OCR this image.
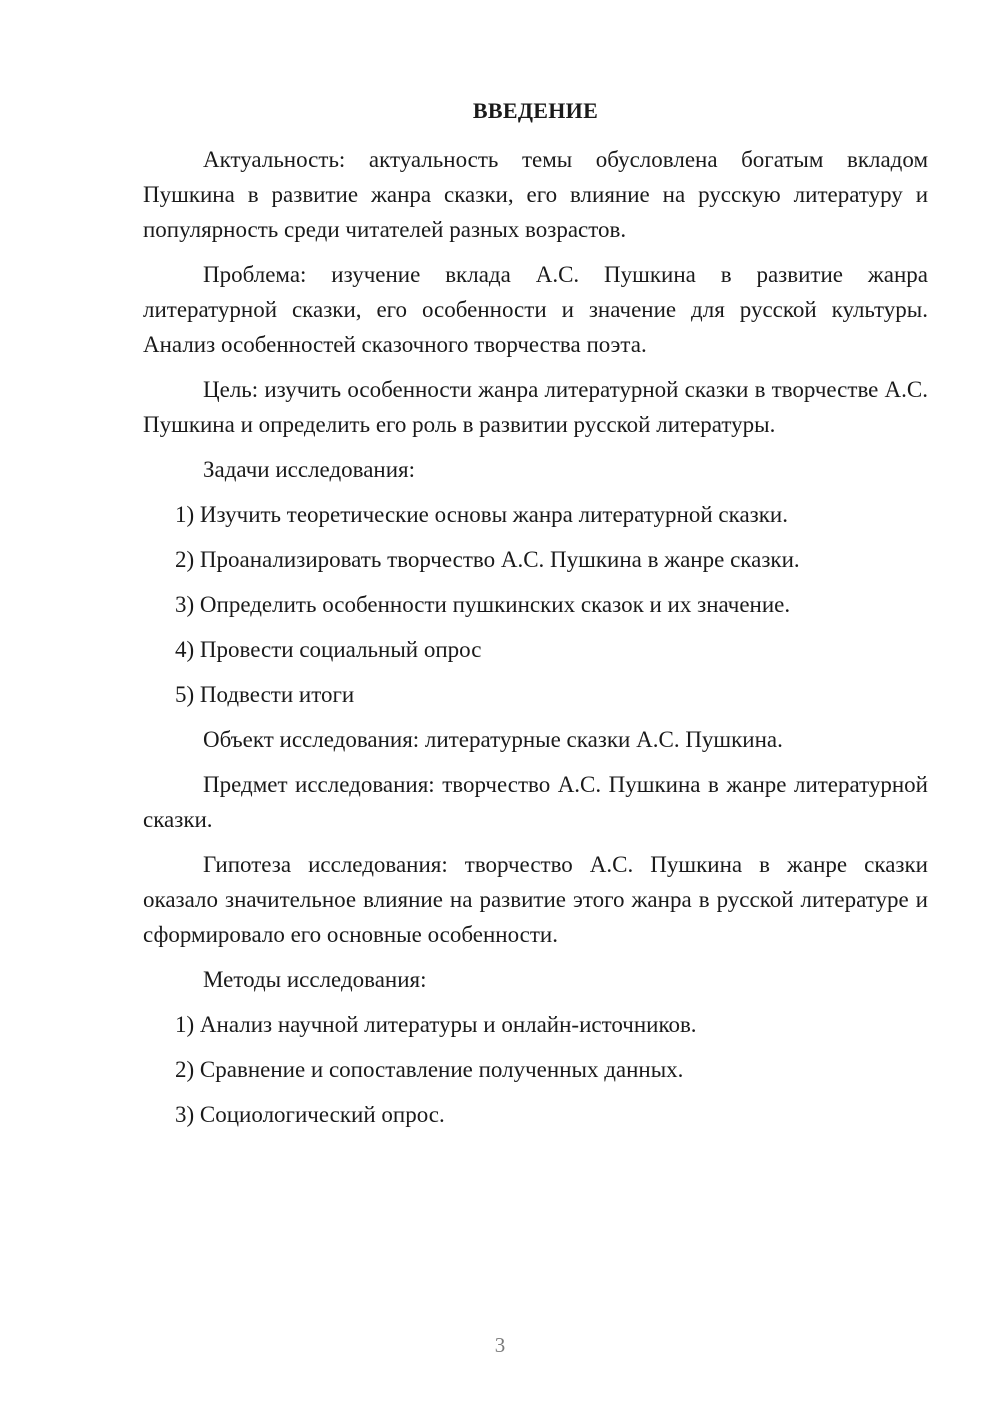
ВВЕДЕНИЕ

Актуальность: актуальность темы обусловлена богатым вкладом Пушкина в развитие жанра сказки, его влияние на русскую литературу и популярность среди читателей разных возрастов.

Проблема: изучение вклада А.С. Пушкина в развитие жанра литературной сказки, его особенности и значение для русской культуры. Анализ особенностей сказочного творчества поэта.

Цель: изучить особенности жанра литературной сказки в творчестве А.С. Пушкина и определить его роль в развитии русской литературы.

Задачи исследования:

1) Изучить теоретические основы жанра литературной сказки.
2) Проанализировать творчество А.С. Пушкина в жанре сказки.
3) Определить особенности пушкинских сказок и их значение.
4) Провести социальный опрос
5) Подвести итоги

Объект исследования: литературные сказки А.С. Пушкина.

Предмет исследования: творчество А.С. Пушкина в жанре литературной сказки.

Гипотеза исследования: творчество А.С. Пушкина в жанре сказки оказало значительное влияние на развитие этого жанра в русской литературе и сформировало его основные особенности.

Методы исследования:

1) Анализ научной литературы и онлайн-источников.
2) Сравнение и сопоставление полученных данных.
3) Социологический опрос.
3
